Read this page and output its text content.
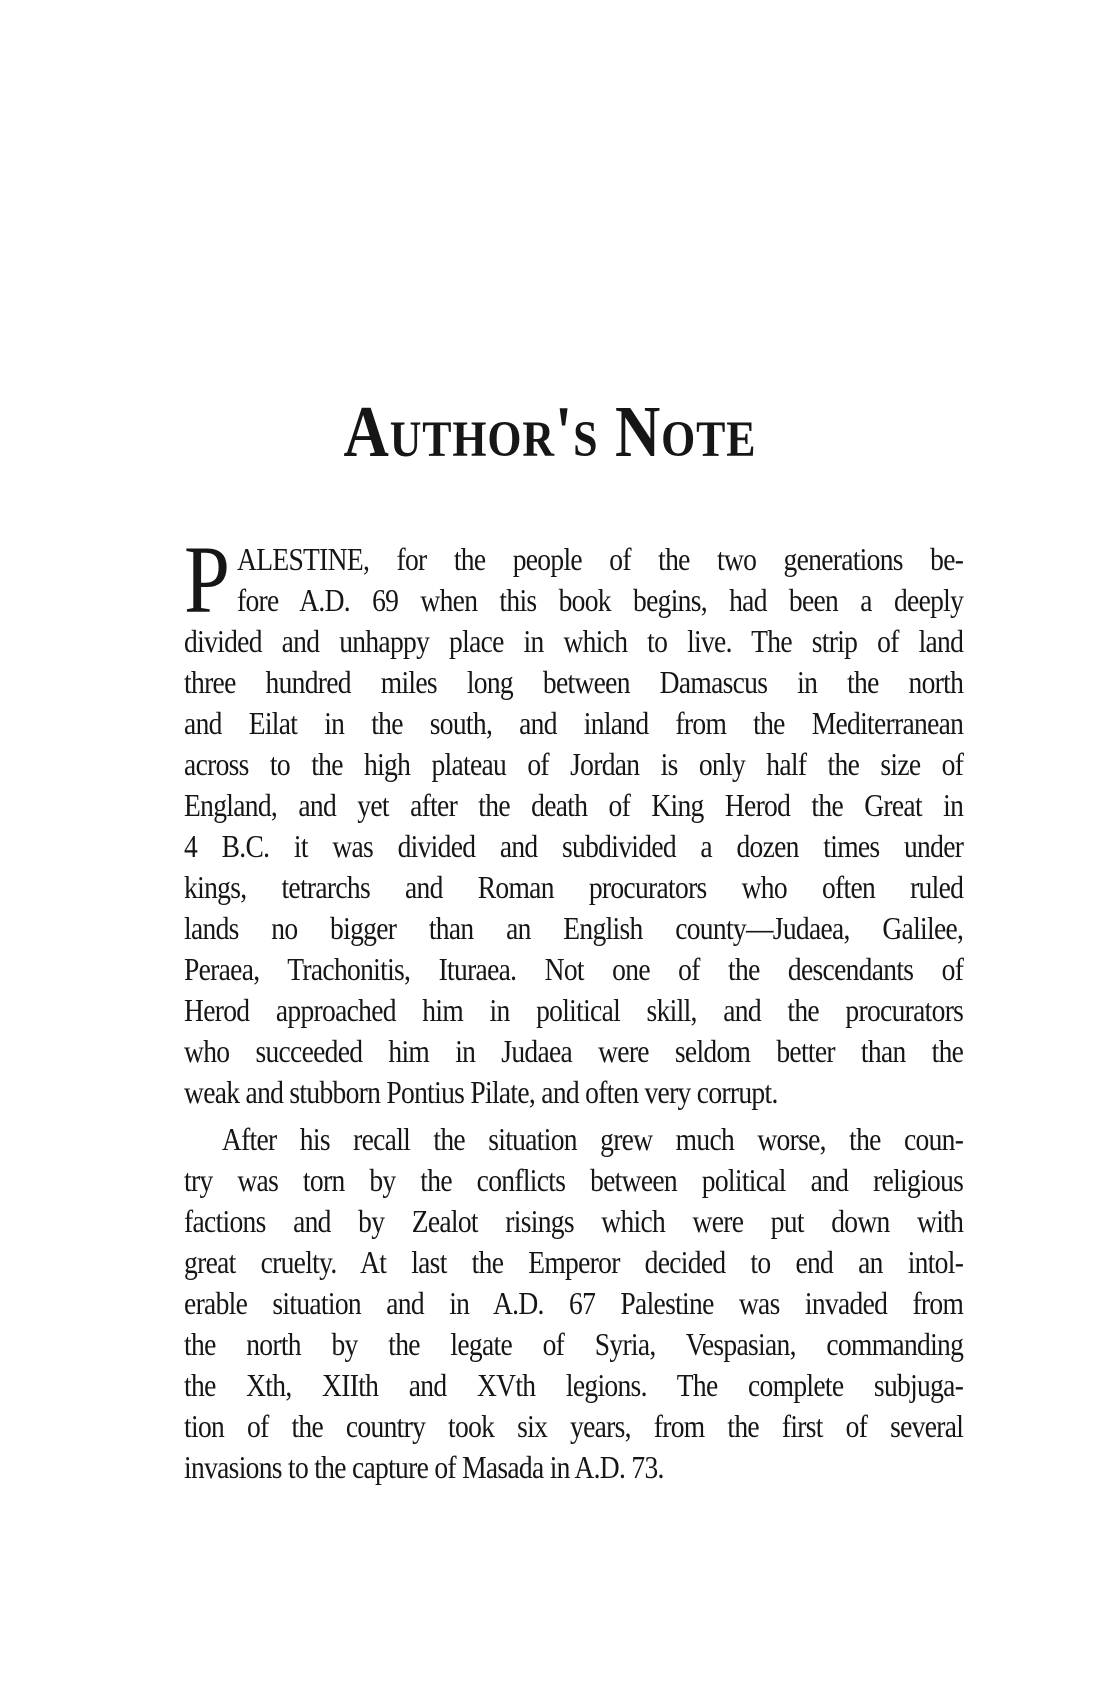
Author's Note
P ALESTINE, for the people of the two generations be-
fore A.D. 69 when this book begins, had been a deeply
divided and unhappy place in which to live. The strip of land
three hundred miles long between Damascus in the north
and Eilat in the south, and inland from the Mediterranean
across to the high plateau of Jordan is only half the size of
England, and yet after the death of King Herod the Great in
4 B.C. it was divided and subdivided a dozen times under
kings, tetrarchs and Roman procurators who often ruled
lands no bigger than an English county—Judaea, Galilee,
Peraea, Trachonitis, Ituraea. Not one of the descendants of
Herod approached him in political skill, and the procurators
who succeeded him in Judaea were seldom better than the
weak and stubborn Pontius Pilate, and often very corrupt.
After his recall the situation grew much worse, the coun-
try was torn by the conflicts between political and religious
factions and by Zealot risings which were put down with
great cruelty. At last the Emperor decided to end an intol-
erable situation and in A.D. 67 Palestine was invaded from
the north by the legate of Syria, Vespasian, commanding
the Xth, XIIth and XVth legions. The complete subjuga-
tion of the country took six years, from the first of several
invasions to the capture of Masada in A.D. 73.
